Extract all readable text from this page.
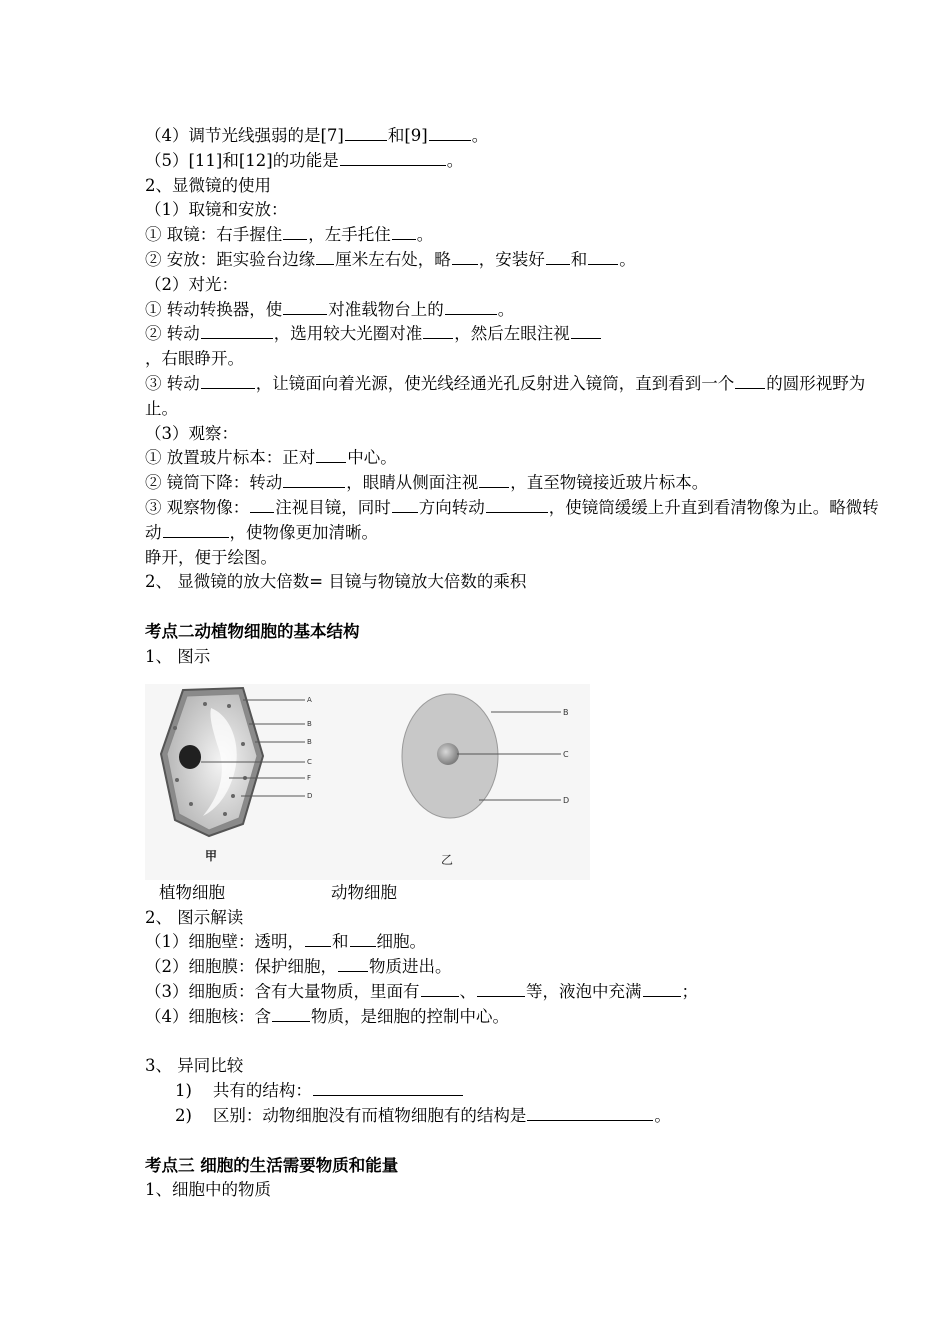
（4）调节光线强弱的是[7]	和[9]	。
（5）[11]和[12]的功能是	。
2、显微镜的使用
（1）取镜和安放：
① 取镜：右手握住 ，左手托住 。
② 安放：距实验台边缘 厘米左右处，略 ，安装好 和 。
（2）对光：
① 转动转换器，使	对准载物台上的	。
② 转动	，选用较大光圈对准 ，然后左眼注视
，右眼睁开。
③ 转动	，让镜面向着光源，使光线经通光孔反射进入镜筒，直到看到一个 的圆形视野为止。
（3）观察：
① 放置玻片标本：正对 中心。
② 镜筒下降：转动	，眼睛从侧面注视 ，直至物镜接近玻片标本。
③ 观察物像： 注视目镜，同时 方向转动	，使镜筒缓缓上升直到看清物像为止。略微转动	，使物像更加清晰。
睁开，便于绘图。
2、 显微镜的放大倍数= 目镜与物镜放大倍数的乘积
考点二动植物细胞的基本结构
1、 图示
A
B
B
C
F
D
甲
B
C
D
乙
植物细胞	动物细胞
2、 图示解读
（1）细胞壁：透明， 和 细胞。
（2）细胞膜：保护细胞， 物质进出。
（3）细胞质：含有大量物质，里面有 、	等，液泡中充满 ；
（4）细胞核：含 物质，是细胞的控制中心。
3、 异同比较
1) 共有的结构：
2) 区别：动物细胞没有而植物细胞有的结构是	。
考点三 细胞的生活需要物质和能量
1、细胞中的物质
